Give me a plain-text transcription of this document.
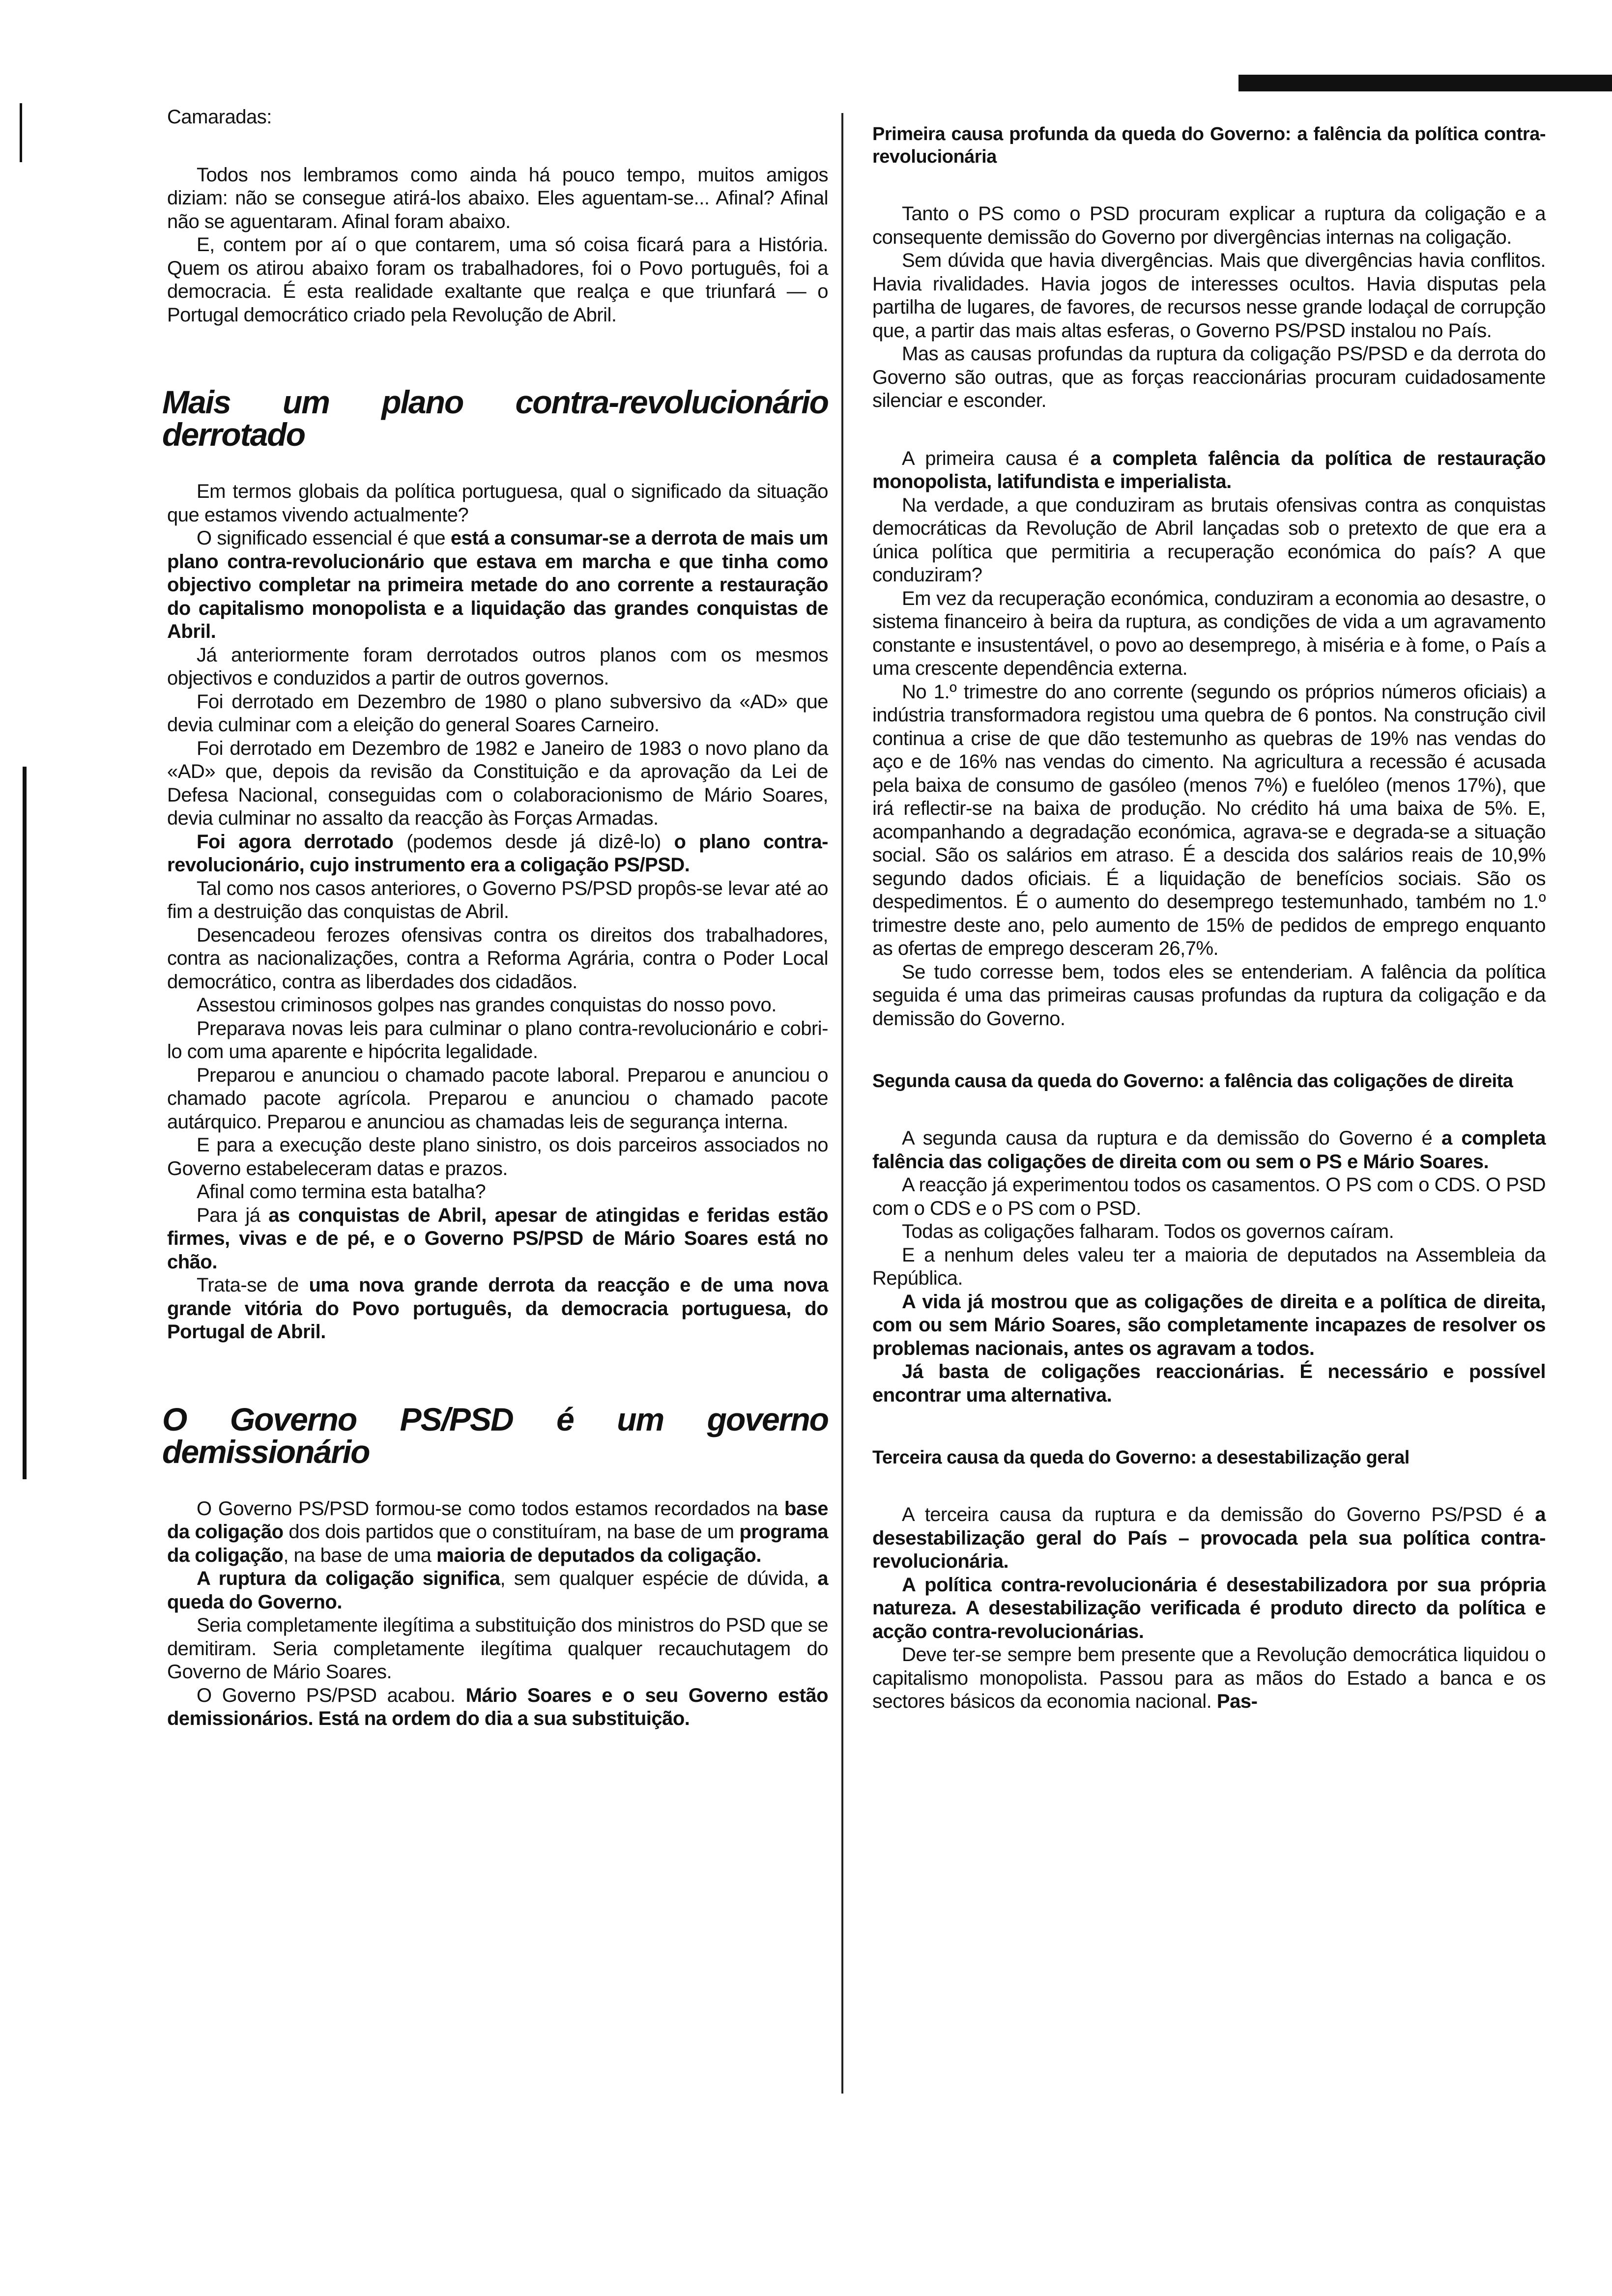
Camaradas:

Todos nos lembramos como ainda há pouco tempo, muitos amigos diziam: não se consegue atirá-los abaixo. Eles aguentam-se... Afinal? Afinal não se aguentaram. Afinal foram abaixo.

E, contem por aí o que contarem, uma só coisa ficará para a História. Quem os atirou abaixo foram os trabalhadores, foi o Povo português, foi a democracia. É esta realidade exaltante que realça e que triunfará — o Portugal democrático criado pela Revolução de Abril.

Mais um plano contra-revolucionário derrotado

Em termos globais da política portuguesa, qual o significado da situação que estamos vivendo actualmente?

O significado essencial é que está a consumar-se a derrota de mais um plano contra-revolucionário que estava em marcha e que tinha como objectivo completar na primeira metade do ano corrente a restauração do capitalismo monopolista e a liquidação das grandes conquistas de Abril.

Já anteriormente foram derrotados outros planos com os mesmos objectivos e conduzidos a partir de outros governos.

Foi derrotado em Dezembro de 1980 o plano subversivo da «AD» que devia culminar com a eleição do general Soares Carneiro.

Foi derrotado em Dezembro de 1982 e Janeiro de 1983 o novo plano da «AD» que, depois da revisão da Constituição e da aprovação da Lei de Defesa Nacional, conseguidas com o colaboracionismo de Mário Soares, devia culminar no assalto da reacção às Forças Armadas.

Foi agora derrotado (podemos desde já dizê-lo) o plano contra-revolucionário, cujo instrumento era a coligação PS/PSD.

Tal como nos casos anteriores, o Governo PS/PSD propôs-se levar até ao fim a destruição das conquistas de Abril.

Desencadeou ferozes ofensivas contra os direitos dos trabalhadores, contra as nacionalizações, contra a Reforma Agrária, contra o Poder Local democrático, contra as liberdades dos cidadãos.

Assestou criminosos golpes nas grandes conquistas do nosso povo.

Preparava novas leis para culminar o plano contra-revolucionário e cobri-lo com uma aparente e hipócrita legalidade.

Preparou e anunciou o chamado pacote laboral. Preparou e anunciou o chamado pacote agrícola. Preparou e anunciou o chamado pacote autárquico. Preparou e anunciou as chamadas leis de segurança interna.

E para a execução deste plano sinistro, os dois parceiros associados no Governo estabeleceram datas e prazos.

Afinal como termina esta batalha?

Para já as conquistas de Abril, apesar de atingidas e feridas estão firmes, vivas e de pé, e o Governo PS/PSD de Mário Soares está no chão.

Trata-se de uma nova grande derrota da reacção e de uma nova grande vitória do Povo português, da democracia portuguesa, do Portugal de Abril.

O Governo PS/PSD é um governo demissionário

O Governo PS/PSD formou-se como todos estamos recordados na base da coligação dos dois partidos que o constituíram, na base de um programa da coligação, na base de uma maioria de deputados da coligação.

A ruptura da coligação significa, sem qualquer espécie de dúvida, a queda do Governo.

Seria completamente ilegítima a substituição dos ministros do PSD que se demitiram. Seria completamente ilegítima qualquer recauchutagem do Governo de Mário Soares.

O Governo PS/PSD acabou. Mário Soares e o seu Governo estão demissionários. Está na ordem do dia a sua substituição.

Primeira causa profunda da queda do Governo: a falência da política contra-revolucionária

Tanto o PS como o PSD procuram explicar a ruptura da coligação e a consequente demissão do Governo por divergências internas na coligação.

Sem dúvida que havia divergências. Mais que divergências havia conflitos. Havia rivalidades. Havia jogos de interesses ocultos. Havia disputas pela partilha de lugares, de favores, de recursos nesse grande lodaçal de corrupção que, a partir das mais altas esferas, o Governo PS/PSD instalou no País.

Mas as causas profundas da ruptura da coligação PS/PSD e da derrota do Governo são outras, que as forças reaccionárias procuram cuidadosamente silenciar e esconder.

A primeira causa é a completa falência da política de restauração monopolista, latifundista e imperialista.

Na verdade, a que conduziram as brutais ofensivas contra as conquistas democráticas da Revolução de Abril lançadas sob o pretexto de que era a única política que permitiria a recuperação económica do país? A que conduziram?

Em vez da recuperação económica, conduziram a economia ao desastre, o sistema financeiro à beira da ruptura, as condições de vida a um agravamento constante e insustentável, o povo ao desemprego, à miséria e à fome, o País a uma crescente dependência externa.

No 1.º trimestre do ano corrente (segundo os próprios números oficiais) a indústria transformadora registou uma quebra de 6 pontos. Na construção civil continua a crise de que dão testemunho as quebras de 19% nas vendas do aço e de 16% nas vendas do cimento. Na agricultura a recessão é acusada pela baixa de consumo de gasóleo (menos 7%) e fuelóleo (menos 17%), que irá reflectir-se na baixa de produção. No crédito há uma baixa de 5%. E, acompanhando a degradação económica, agrava-se e degrada-se a situação social. São os salários em atraso. É a descida dos salários reais de 10,9% segundo dados oficiais. É a liquidação de benefícios sociais. São os despedimentos. É o aumento do desemprego testemunhado, também no 1.º trimestre deste ano, pelo aumento de 15% de pedidos de emprego enquanto as ofertas de emprego desceram 26,7%.

Se tudo corresse bem, todos eles se entenderiam. A falência da política seguida é uma das primeiras causas profundas da ruptura da coligação e da demissão do Governo.

Segunda causa da queda do Governo: a falência das coligações de direita

A segunda causa da ruptura e da demissão do Governo é a completa falência das coligações de direita com ou sem o PS e Mário Soares.

A reacção já experimentou todos os casamentos. O PS com o CDS. O PSD com o CDS e o PS com o PSD.

Todas as coligações falharam. Todos os governos caíram.

E a nenhum deles valeu ter a maioria de deputados na Assembleia da República.

A vida já mostrou que as coligações de direita e a política de direita, com ou sem Mário Soares, são completamente incapazes de resolver os problemas nacionais, antes os agravam a todos.

Já basta de coligações reaccionárias. É necessário e possível encontrar uma alternativa.

Terceira causa da queda do Governo: a desestabilização geral

A terceira causa da ruptura e da demissão do Governo PS/PSD é a desestabilização geral do País – provocada pela sua política contra-revolucionária.

A política contra-revolucionária é desestabilizadora por sua própria natureza. A desestabilização verificada é produto directo da política e acção contra-revolucionárias.

Deve ter-se sempre bem presente que a Revolução democrática liquidou o capitalismo monopolista. Passou para as mãos do Estado a banca e os sectores básicos da economia nacional. Pas-
